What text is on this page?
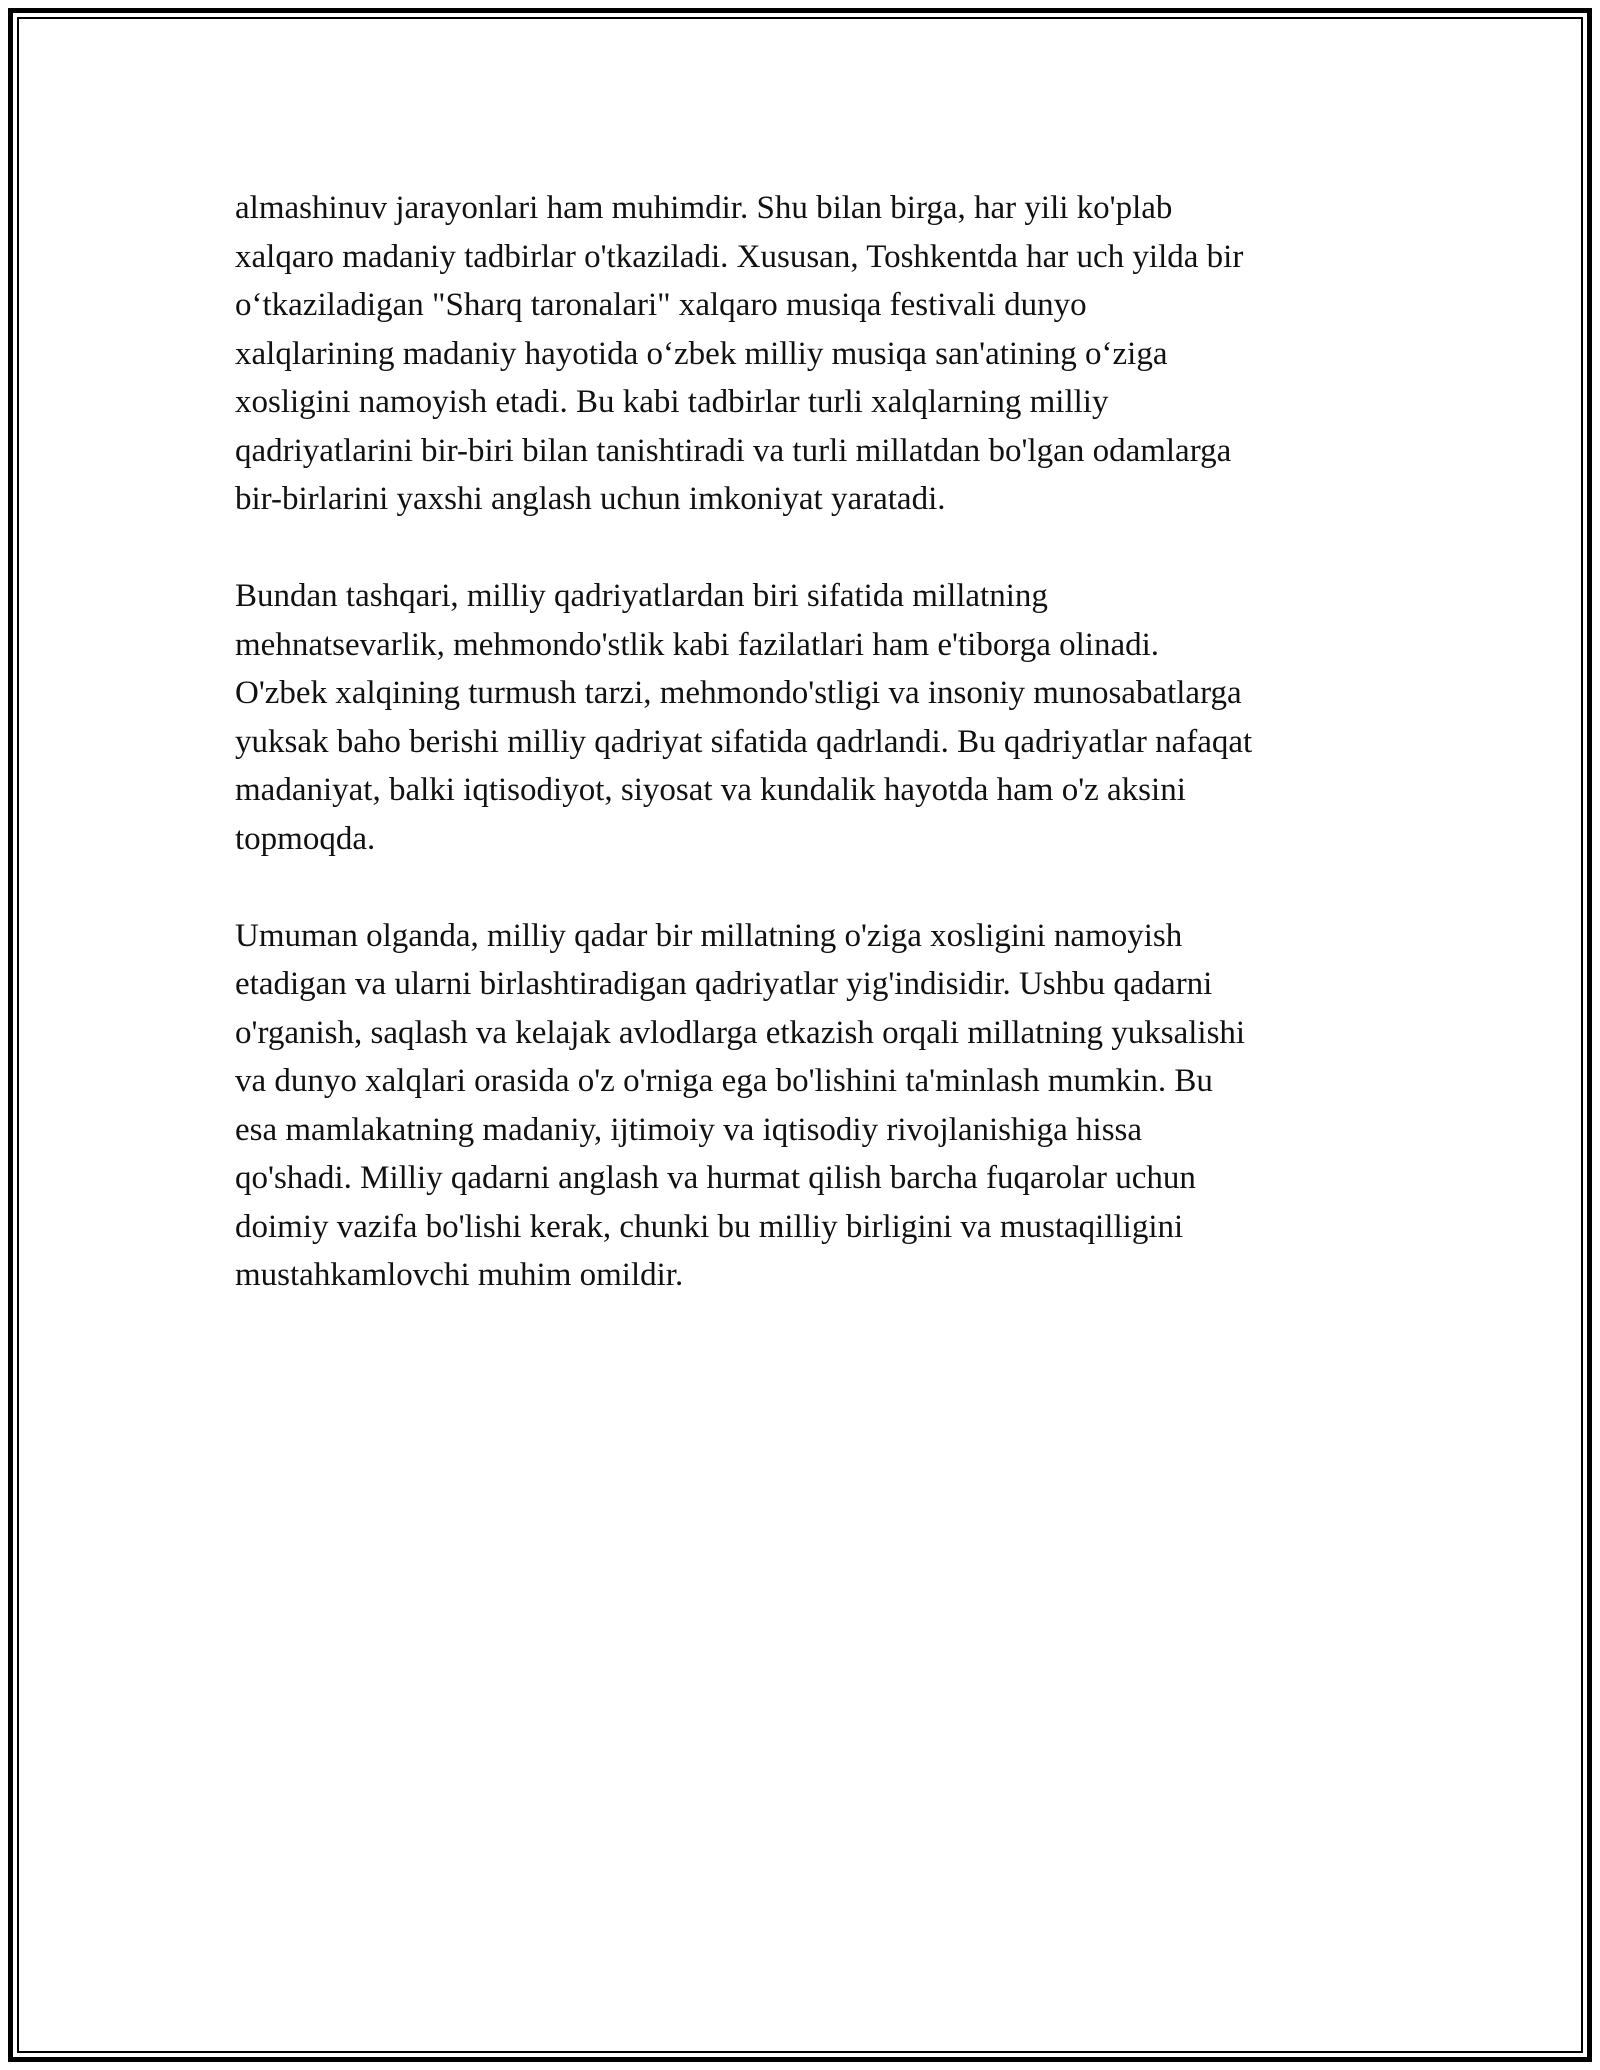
almashinuv jarayonlari ham muhimdir. Shu bilan birga, har yili ko'plab
xalqaro madaniy tadbirlar o'tkaziladi. Xususan, Toshkentda har uch yilda bir
o‘tkaziladigan "Sharq taronalari" xalqaro musiqa festivali dunyo
xalqlarining madaniy hayotida o‘zbek milliy musiqa san'atining o‘ziga
xosligini namoyish etadi. Bu kabi tadbirlar turli xalqlarning milliy
qadriyatlarini bir-biri bilan tanishtiradi va turli millatdan bo'lgan odamlarga
bir-birlarini yaxshi anglash uchun imkoniyat yaratadi.

Bundan tashqari, milliy qadriyatlardan biri sifatida millatning
mehnatsevarlik, mehmondo'stlik kabi fazilatlari ham e'tiborga olinadi.
O'zbek xalqining turmush tarzi, mehmondo'stligi va insoniy munosabatlarga
yuksak baho berishi milliy qadriyat sifatida qadrlandi. Bu qadriyatlar nafaqat
madaniyat, balki iqtisodiyot, siyosat va kundalik hayotda ham o'z aksini
topmoqda.

Umuman olganda, milliy qadar bir millatning o'ziga xosligini namoyish
etadigan va ularni birlashtiradigan qadriyatlar yig'indisidir. Ushbu qadarni
o'rganish, saqlash va kelajak avlodlarga etkazish orqali millatning yuksalishi
va dunyo xalqlari orasida o'z o'rniga ega bo'lishini ta'minlash mumkin. Bu
esa mamlakatning madaniy, ijtimoiy va iqtisodiy rivojlanishiga hissa
qo'shadi. Milliy qadarni anglash va hurmat qilish barcha fuqarolar uchun
doimiy vazifa bo'lishi kerak, chunki bu milliy birligini va mustaqilligini
mustahkamlovchi muhim omildir.
